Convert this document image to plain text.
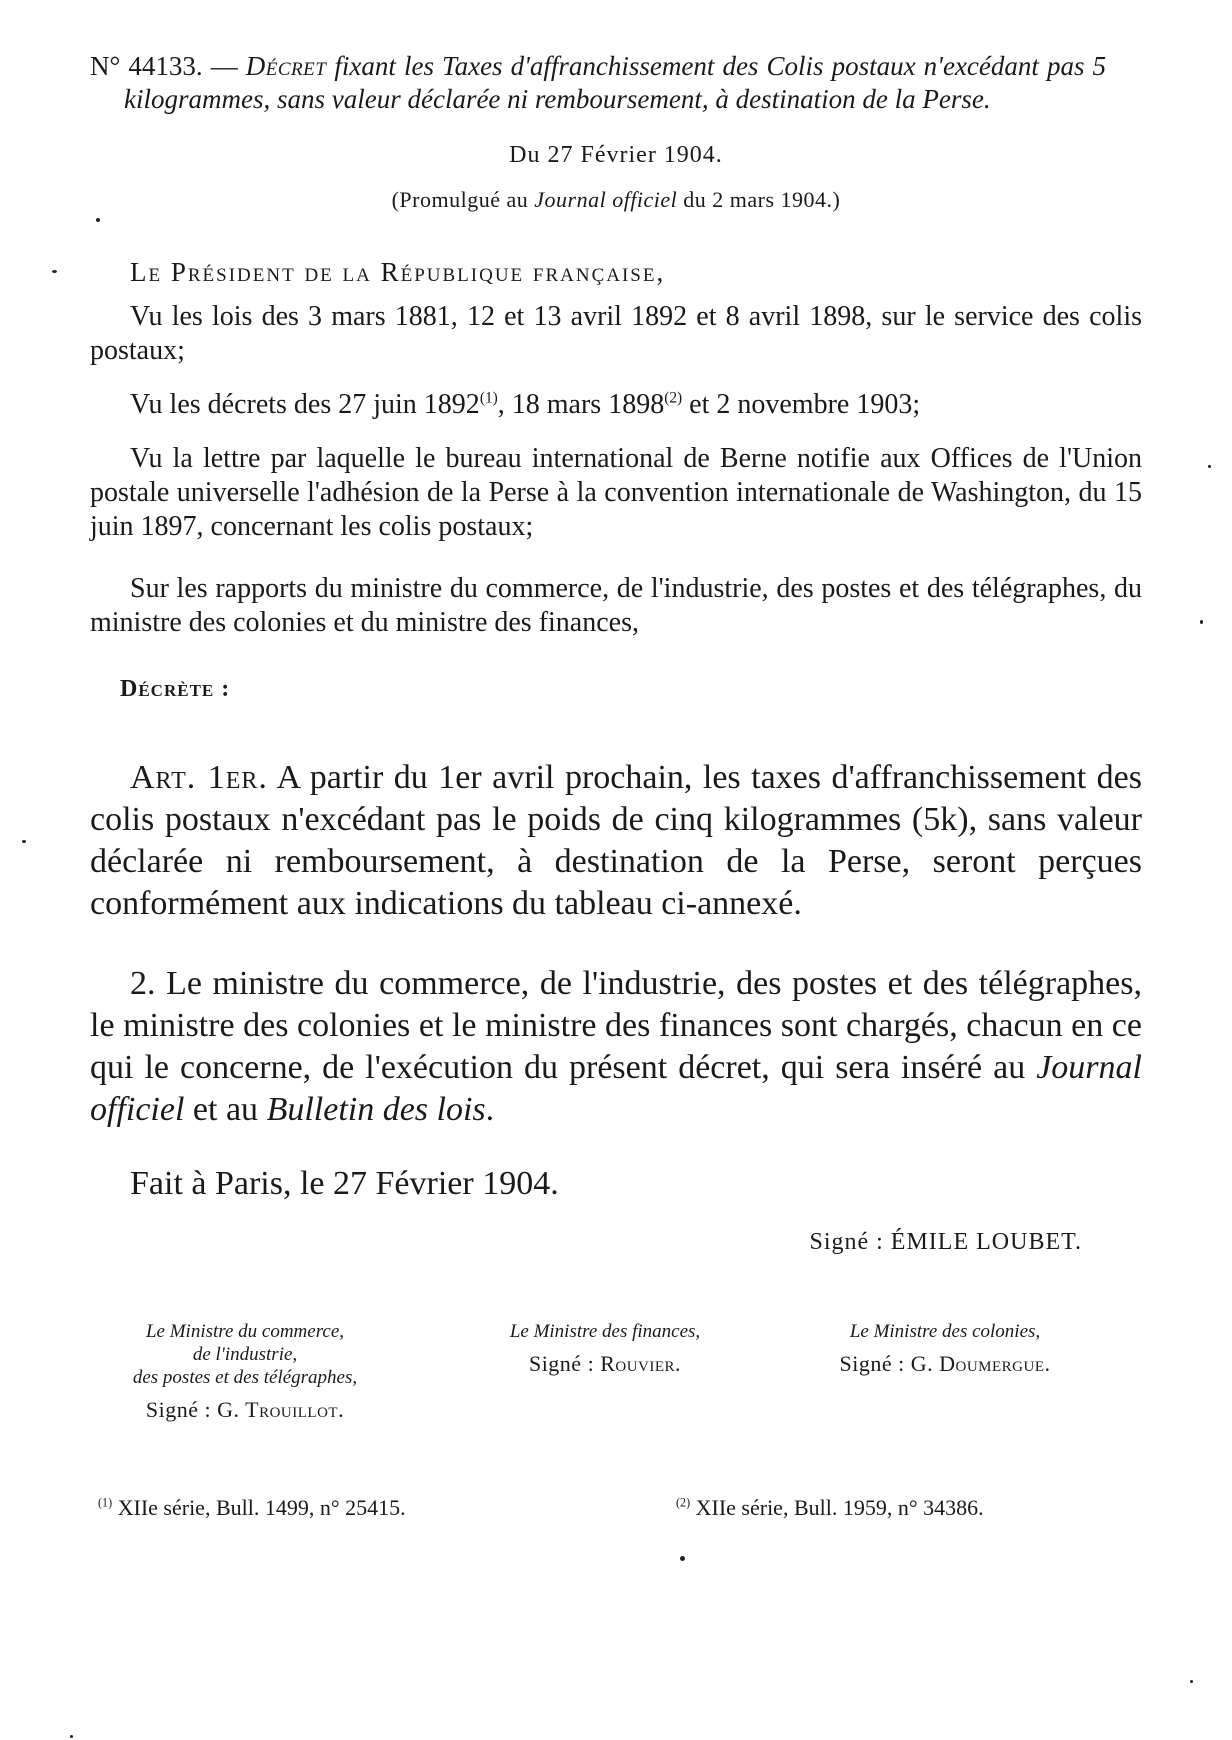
N° 44133. — Décret fixant les Taxes d'affranchissement des Colis postaux n'excédant pas 5 kilogrammes, sans valeur déclarée ni remboursement, à destination de la Perse.

Du 27 Février 1904.
(Promulgué au Journal officiel du 2 mars 1904.)
Le Président de la République française,

Vu les lois des 3 mars 1881, 12 et 13 avril 1892 et 8 avril 1898, sur le service des colis postaux;

Vu les décrets des 27 juin 1892$^{(1)}$, 18 mars 1898$^{(2)}$ et 2 novembre 1903;

Vu la lettre par laquelle le bureau international de Berne notifie aux Offices de l'Union postale universelle l'adhésion de la Perse à la convention internationale de Washington, du 15 juin 1897, concernant les colis postaux;

Sur les rapports du ministre du commerce, de l'industrie, des postes et des télégraphes, du ministre des colonies et du ministre des finances,

Décrète :

Art. 1er. A partir du 1er avril prochain, les taxes d'affranchissement des colis postaux n'excédant pas le poids de cinq kilogrammes (5k), sans valeur déclarée ni remboursement, à destination de la Perse, seront perçues conformément aux indications du tableau ci-annexé.

2. Le ministre du commerce, de l'industrie, des postes et des télégraphes, le ministre des colonies et le ministre des finances sont chargés, chacun en ce qui le concerne, de l'exécution du présent décret, qui sera inséré au Journal officiel et au Bulletin des lois.

Fait à Paris, le 27 Février 1904.
Signé : ÉMILE LOUBET.
Le Ministre du commerce,
de l'industrie,
des postes et des télégraphes,
Signé : G. Trouillot.
Le Ministre des finances,
Signé : Rouvier.
Le Ministre des colonies,
Signé : G. Doumergue.
$^{(1)}$ XIIe série, Bull. 1499, n° 25415.	$^{(2)}$ XIIe série, Bull. 1959, n° 34386.
